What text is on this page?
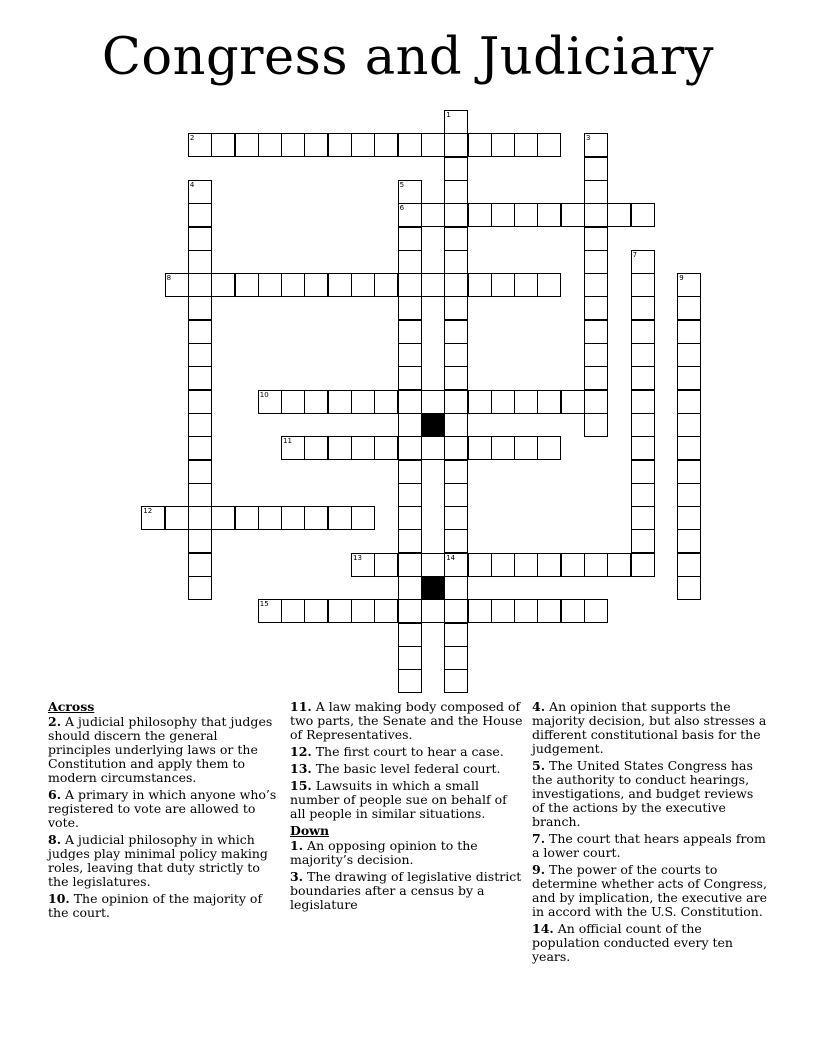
Congress and Judiciary
1
14
2	3
4	5
6
7
8	9
10
11
12
13
15
Across
2. A judicial philosophy that judges should discern the general principles underlying laws or the Constitution and apply them to modern circumstances.
6. A primary in which anyone who’s registered to vote are allowed to vote.
8. A judicial philosophy in which judges play minimal policy making roles, leaving that duty strictly to the legislatures.
10. The opinion of the majority of the court.
11. A law making body composed of two parts, the Senate and the House of Representatives.
12. The first court to hear a case.
13. The basic level federal court.
15. Lawsuits in which a small number of people sue on behalf of all people in similar situations.
Down
1. An opposing opinion to the majority’s decision.
3. The drawing of legislative district boundaries after a census by a legislature
4. An opinion that supports the majority decision, but also stresses a different constitutional basis for the judgement.
5. The United States Congress has the authority to conduct hearings, investigations, and budget reviews of the actions by the executive branch.
7. The court that hears appeals from a lower court.
9. The power of the courts to determine whether acts of Congress, and by implication, the executive are in accord with the U.S. Constitution.
14. An official count of the population conducted every ten years.
